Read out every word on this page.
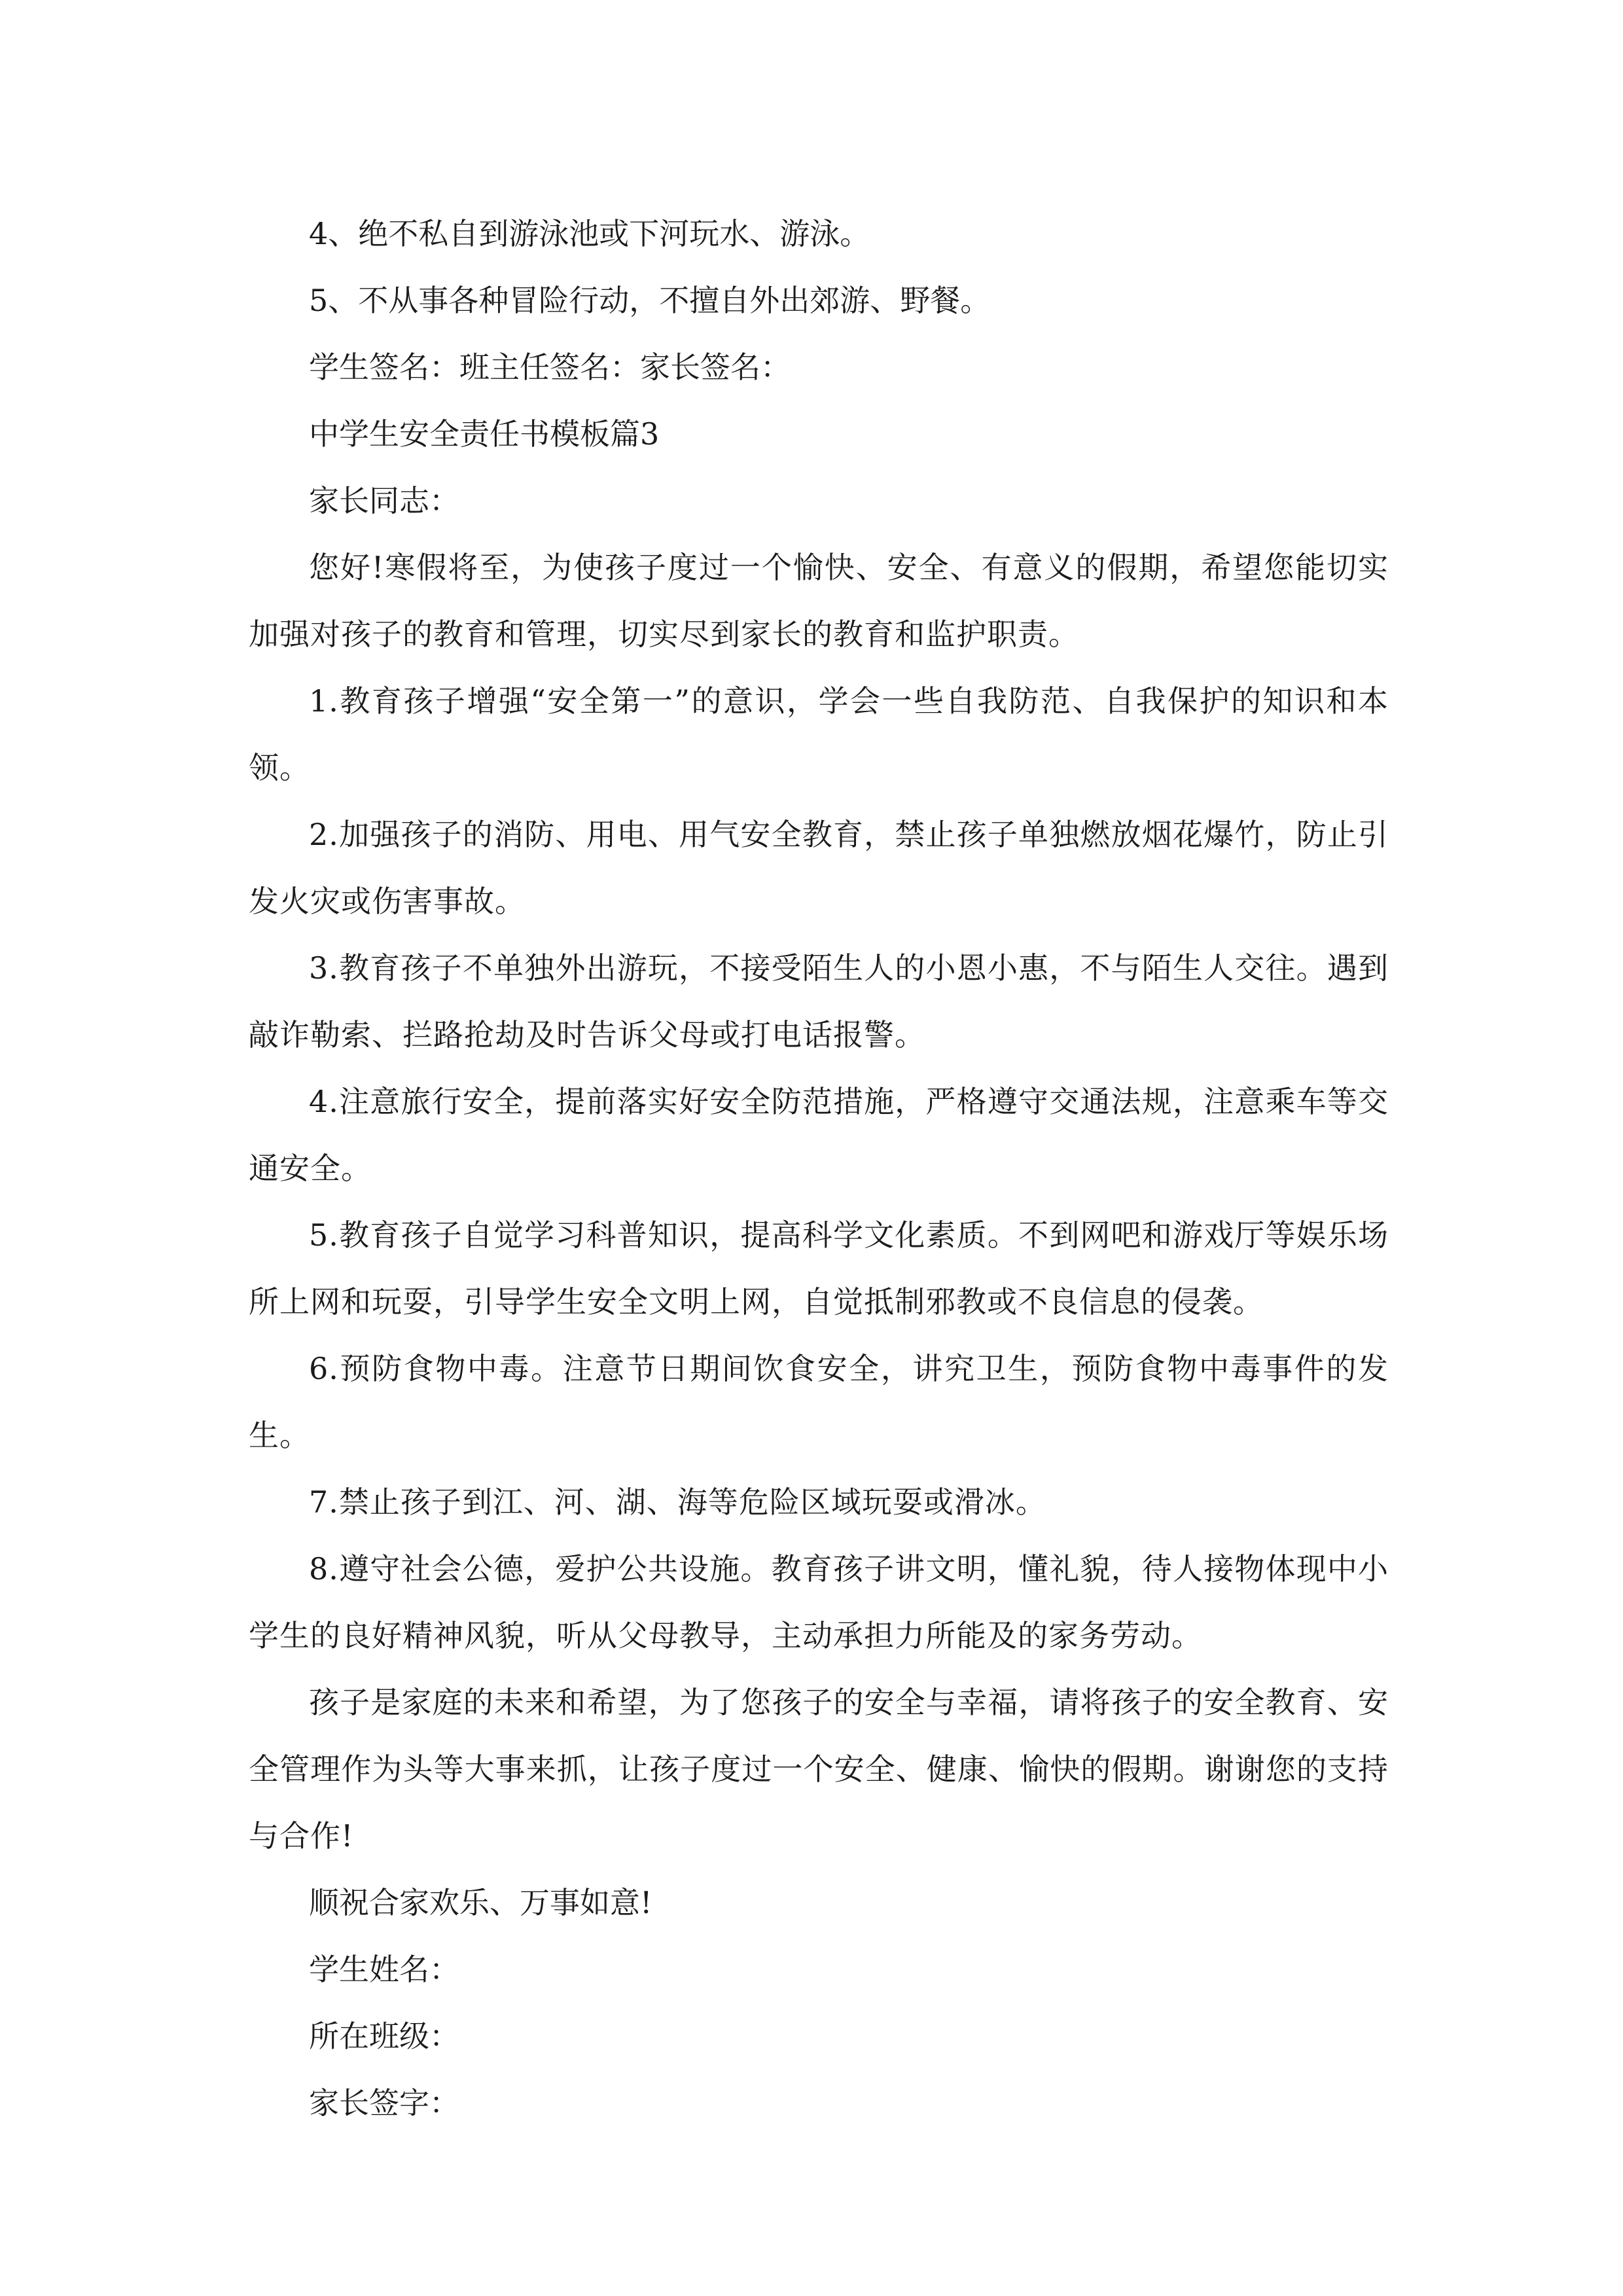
4、绝不私自到游泳池或下河玩水、游泳。

5、不从事各种冒险行动，不擅自外出郊游、野餐。

学生签名：班主任签名：家长签名：

中学生安全责任书模板篇3

家长同志：

您好!寒假将至，为使孩子度过一个愉快、安全、有意义的假期，希望您能切实加强对孩子的教育和管理，切实尽到家长的教育和监护职责。

1.教育孩子增强“安全第一”的意识，学会一些自我防范、自我保护的知识和本领。

2.加强孩子的消防、用电、用气安全教育，禁止孩子单独燃放烟花爆竹，防止引发火灾或伤害事故。

3.教育孩子不单独外出游玩，不接受陌生人的小恩小惠，不与陌生人交往。遇到敲诈勒索、拦路抢劫及时告诉父母或打电话报警。

4.注意旅行安全，提前落实好安全防范措施，严格遵守交通法规，注意乘车等交通安全。

5.教育孩子自觉学习科普知识，提高科学文化素质。不到网吧和游戏厅等娱乐场所上网和玩耍，引导学生安全文明上网，自觉抵制邪教或不良信息的侵袭。

6.预防食物中毒。注意节日期间饮食安全，讲究卫生，预防食物中毒事件的发生。

7.禁止孩子到江、河、湖、海等危险区域玩耍或滑冰。

8.遵守社会公德，爱护公共设施。教育孩子讲文明，懂礼貌，待人接物体现中小学生的良好精神风貌，听从父母教导，主动承担力所能及的家务劳动。

孩子是家庭的未来和希望，为了您孩子的安全与幸福，请将孩子的安全教育、安全管理作为头等大事来抓，让孩子度过一个安全、健康、愉快的假期。谢谢您的支持与合作!

顺祝合家欢乐、万事如意!

学生姓名：

所在班级：

家长签字：
